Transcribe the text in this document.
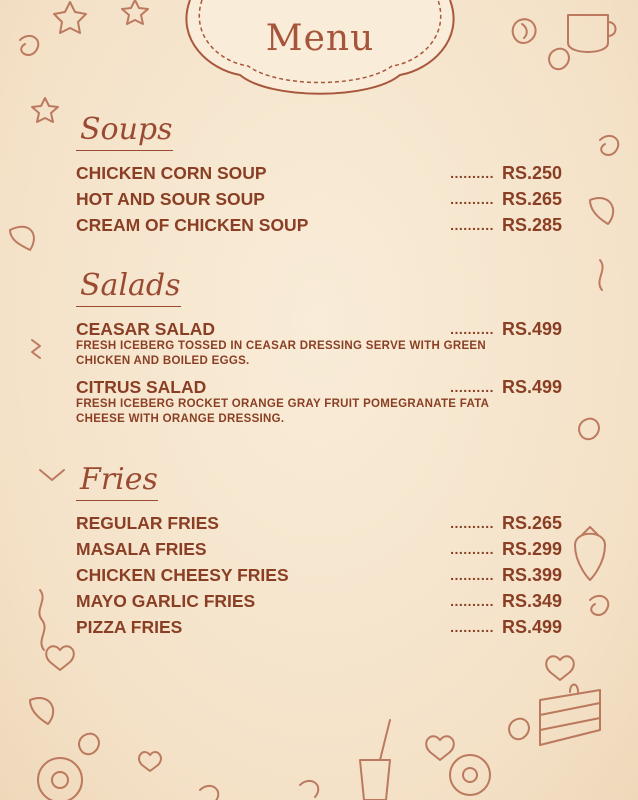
Menu
Soups
CHICKEN CORN SOUP	.......... RS.250
HOT AND SOUR SOUP	.......... RS.265
CREAM OF CHICKEN SOUP	.......... RS.285
Salads
CEASAR SALAD	.......... RS.499
FRESH ICEBERG TOSSED IN CEASAR DRESSING SERVE WITH GREEN CHICKEN AND BOILED EGGS.
CITRUS SALAD	.......... RS.499
FRESH ICEBERG ROCKET ORANGE GRAY FRUIT POMEGRANATE FATA CHEESE WITH ORANGE DRESSING.
Fries
REGULAR FRIES	.......... RS.265
MASALA FRIES	.......... RS.299
CHICKEN CHEESY FRIES	.......... RS.399
MAYO GARLIC FRIES	.......... RS.349
PIZZA FRIES	.......... RS.499
